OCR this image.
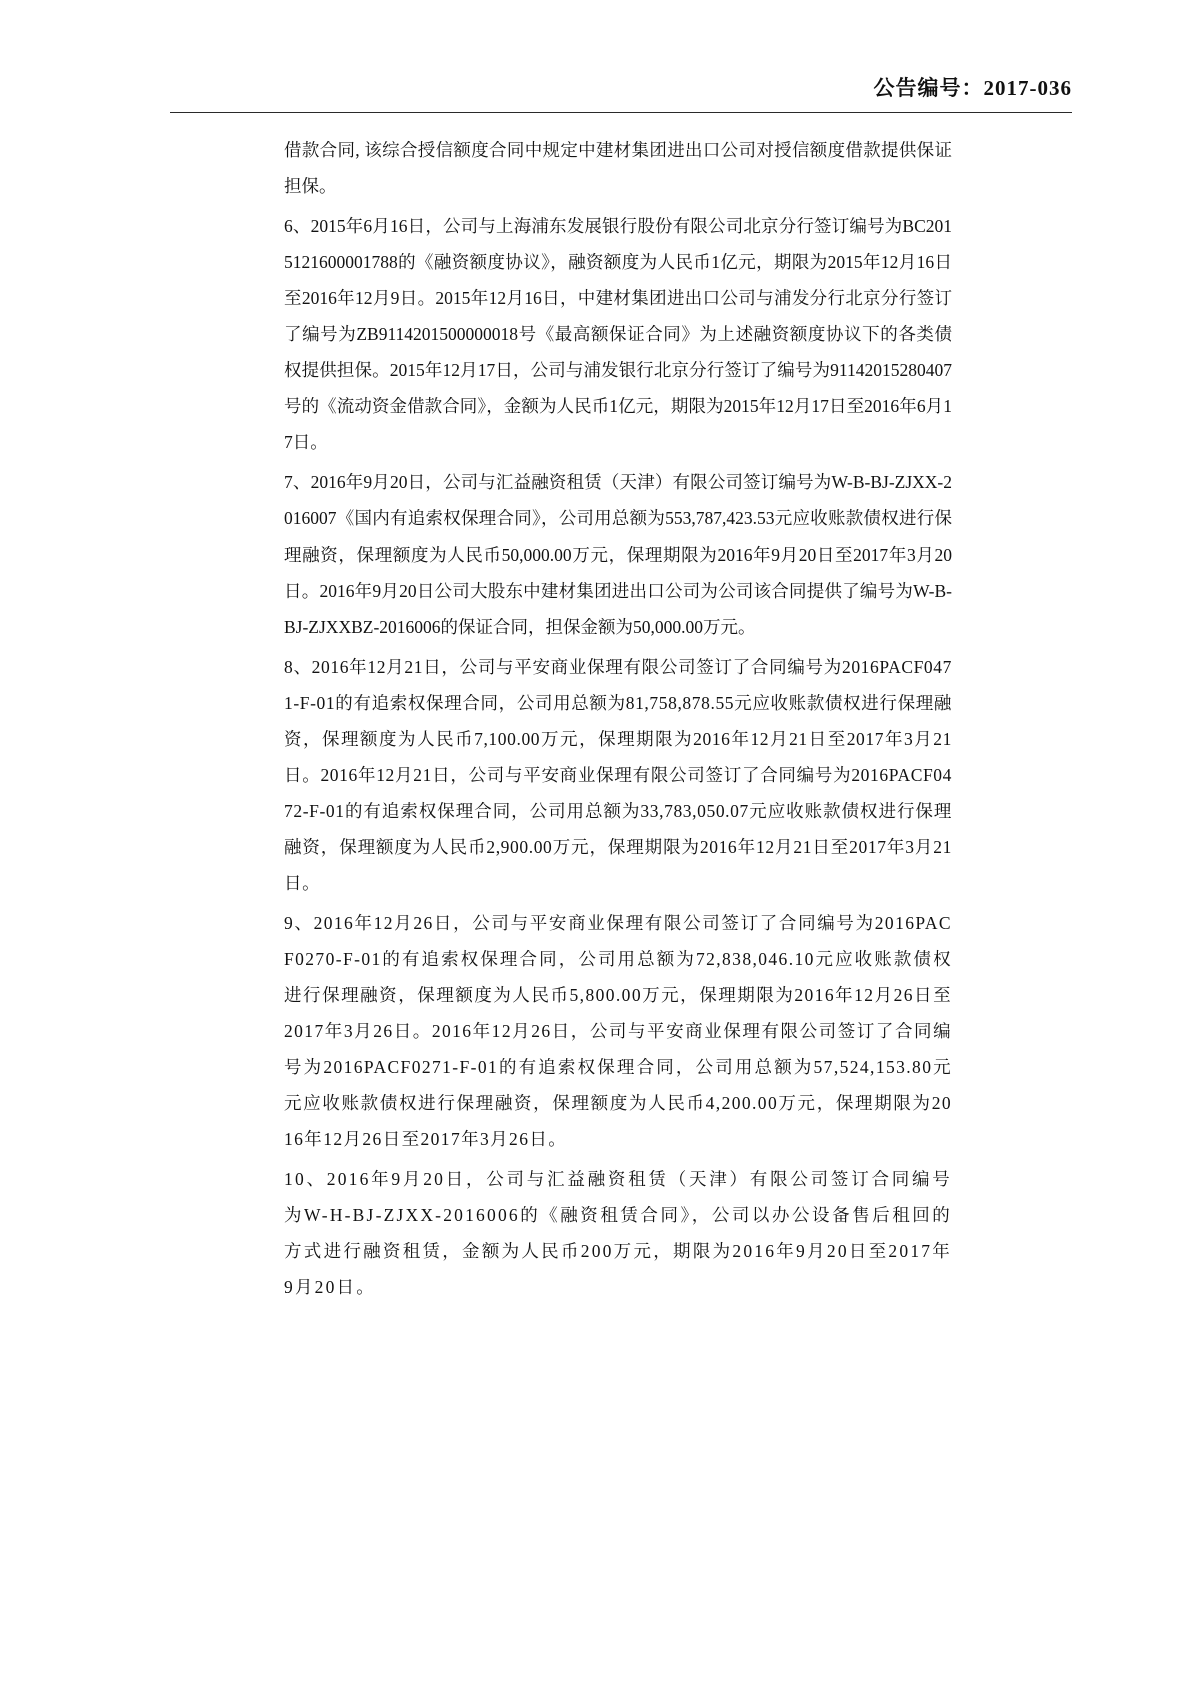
公告编号：2017-036

借款合同, 该综合授信额度合同中规定中建材集团进出口公司对授信额度借款提供保证担保。

6、2015年6月16日，公司与上海浦东发展银行股份有限公司北京分行签订编号为BC2015121600001788的《融资额度协议》，融资额度为人民币1亿元，期限为2015年12月16日至2016年12月9日。2015年12月16日，中建材集团进出口公司与浦发分行北京分行签订了编号为ZB9114201500000018号《最高额保证合同》为上述融资额度协议下的各类债权提供担保。2015年12月17日，公司与浦发银行北京分行签订了编号为91142015280407号的《流动资金借款合同》，金额为人民币1亿元，期限为2015年12月17日至2016年6月17日。

7、2016年9月20日，公司与汇益融资租赁（天津）有限公司签订编号为W-B-BJ-ZJXX-2016007《国内有追索权保理合同》，公司用总额为553,787,423.53元应收账款债权进行保理融资，保理额度为人民币50,000.00万元，保理期限为2016年9月20日至2017年3月20日。2016年9月20日公司大股东中建材集团进出口公司为公司该合同提供了编号为W-B-BJ-ZJXXBZ-2016006的保证合同，担保金额为50,000.00万元。

8、2016年12月21日，公司与平安商业保理有限公司签订了合同编号为2016PACF0471-F-01的有追索权保理合同，公司用总额为81,758,878.55元应收账款债权进行保理融资，保理额度为人民币7,100.00万元，保理期限为2016年12月21日至2017年3月21日。2016年12月21日，公司与平安商业保理有限公司签订了合同编号为2016PACF0472-F-01的有追索权保理合同，公司用总额为33,783,050.07元应收账款债权进行保理融资，保理额度为人民币2,900.00万元，保理期限为2016年12月21日至2017年3月21日。

9、2016年12月26日，公司与平安商业保理有限公司签订了合同编号为2016PACF0270-F-01的有追索权保理合同，公司用总额为72,838,046.10元应收账款债权进行保理融资，保理额度为人民币5,800.00万元，保理期限为2016年12月26日至2017年3月26日。2016年12月26日，公司与平安商业保理有限公司签订了合同编号为2016PACF0271-F-01的有追索权保理合同，公司用总额为57,524,153.80元元应收账款债权进行保理融资，保理额度为人民币4,200.00万元，保理期限为2016年12月26日至2017年3月26日。

10、2016年9月20日，公司与汇益融资租赁（天津）有限公司签订合同编号为W-H-BJ-ZJXX-2016006的《融资租赁合同》，公司以办公设备售后租回的方式进行融资租赁，金额为人民币200万元，期限为2016年9月20日至2017年9月20日。
